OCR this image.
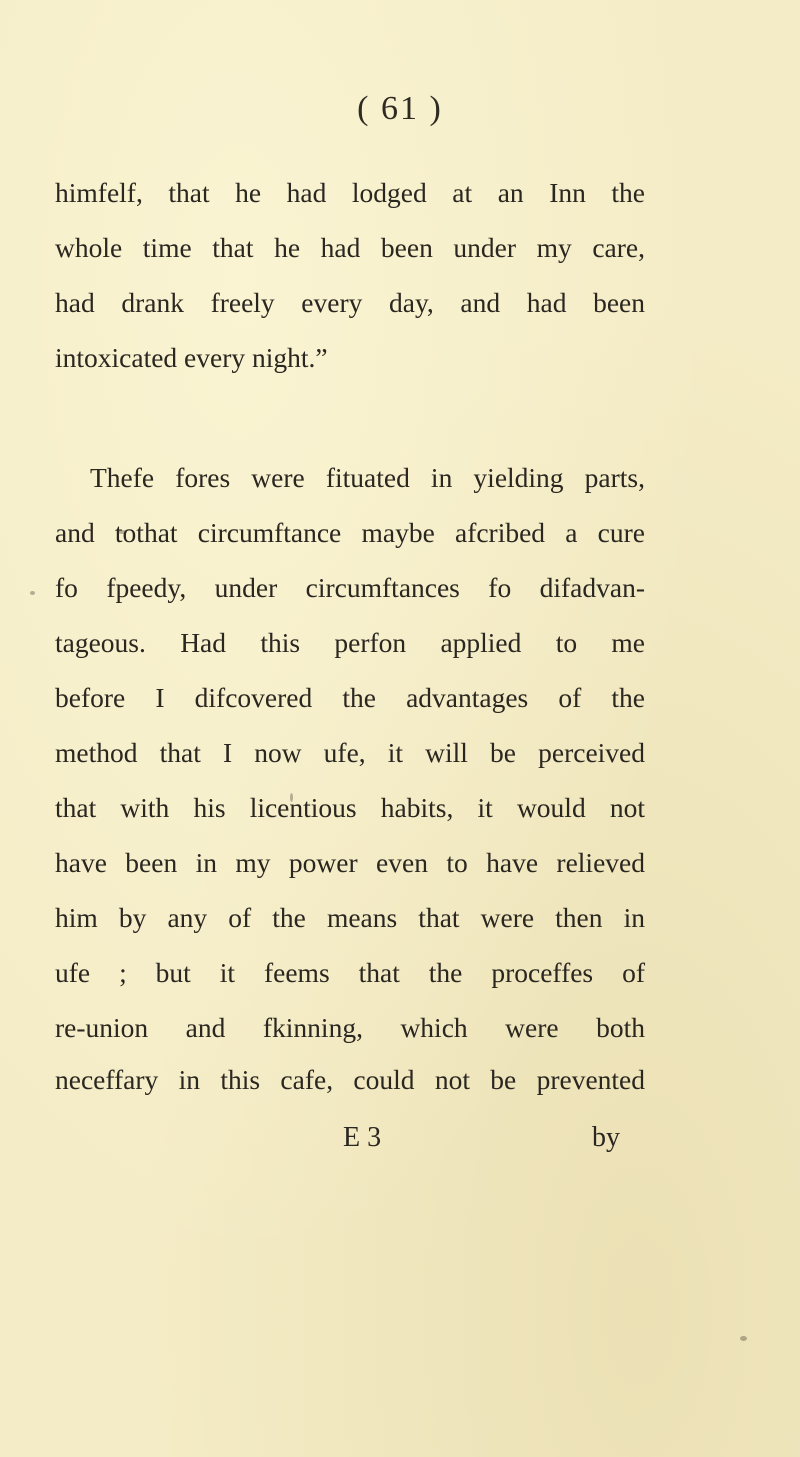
( 61 )
himfelf, that he had lodged at an Inn the
whole time that he had been under my care,
had drank freely every day, and had been
intoxicated every night.”
Thefe fores were fituated in yielding parts,
and tothat circumftance maybe afcribed a cure
fo fpeedy, under circumftances fo difadvan-
tageous. Had this perfon applied to me
before I difcovered the advantages of the
method that I now ufe, it will be perceived
that with his licentious habits, it would not
have been in my power even to have relieved
him by any of the means that were then in
ufe ; but it feems that the proceffes of
re-union and fkinning, which were both
neceffary in this cafe, could not be prevented
E 3	by
